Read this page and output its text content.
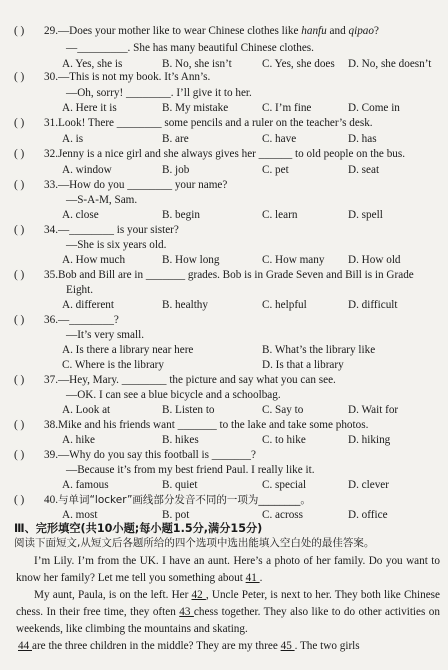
( ) 29.—Does your mother like to wear Chinese clothes like hanfu and qipao?
—_________. She has many beautiful Chinese clothes.
A. Yes, she is	B. No, she isn’t	C. Yes, she does D. No, she doesn’t
( ) 30.—This is not my book. It’s Ann’s.
—Oh, sorry! ________. I’ll give it to her.
A. Here it is	B. My mistake	C. I’m fine	D. Come in
( ) 31.Look! There ________ some pencils and a ruler on the teacher’s desk.
A. is	B. are	C. have	D. has
( ) 32.Jenny is a nice girl and she always gives her ______ to old people on the bus.
A. window	B. job	C. pet	D. seat
( ) 33.—How do you ________ your name?
—S-A-M, Sam.
A. close	B. begin	C. learn	D. spell
( ) 34.—________ is your sister?
—She is six years old.
A. How much	B. How long	C. How many D. How old
( ) 35.Bob and Bill are in _______ grades. Bob is in Grade Seven and Bill is in Grade
Eight.
A. different	B. healthy	C. helpful	D. difficult
( ) 36.—________?
—It’s very small.
A. Is there a library near here	B. What’s the library like
C. Where is the library	D. Is that a library
( ) 37.—Hey, Mary. ________ the picture and say what you can see.
—OK. I can see a blue bicycle and a schoolbag.
A. Look at	B. Listen to	C. Say to	D. Wait for
( ) 38.Mike and his friends want _______ to the lake and take some photos.
A. hike	B. hikes	C. to hike	D. hiking
( ) 39.—Why do you say this football is _______?
—Because it’s from my best friend Paul. I really like it.
A. famous	B. quiet	C. special	D. clever
( ) 40.与单词“locker”画线部分发音不同的一项为________。
A. most	B. pot	C. across	D. office
Ⅲ、完形填空(共10小题;每小题1.5分,满分15分)
阅读下面短文,从短文后各题所给的四个选项中选出能填入空白处的最佳答案。
I’m Lily. I’m from the UK. I have an aunt. Here’s a photo of her family. Do you want to know her family? Let me tell you something about 41 .
My aunt, Paula, is on the left. Her 42 , Uncle Peter, is next to her. They both like Chinese chess. In their free time, they often 43 chess together. They also like to do other activities on weekends, like climbing the mountains and skating.
44 are the three children in the middle? They are my three 45 . The two girls
